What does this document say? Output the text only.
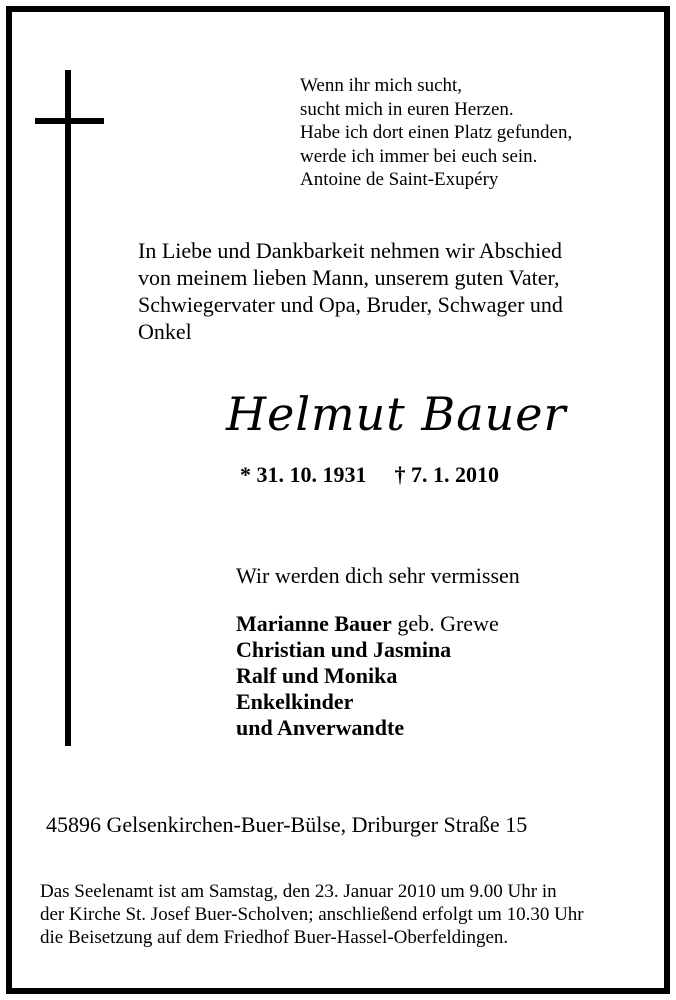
Wenn ihr mich sucht,
sucht mich in euren Herzen.
Habe ich dort einen Platz gefunden,
werde ich immer bei euch sein.
Antoine de Saint-Exupéry
In Liebe und Dankbarkeit nehmen wir Abschied
von meinem lieben Mann, unserem guten Vater,
Schwiegervater und Opa, Bruder, Schwager und
Onkel
Helmut Bauer
* 31. 10. 1931 † 7. 1. 2010
Wir werden dich sehr vermissen
Marianne Bauer geb. Grewe
Christian und Jasmina
Ralf und Monika
Enkelkinder
und Anverwandte
45896 Gelsenkirchen-Buer-Bülse, Driburger Straße 15
Das Seelenamt ist am Samstag, den 23. Januar 2010 um 9.00 Uhr in
der Kirche St. Josef Buer-Scholven; anschließend erfolgt um 10.30 Uhr
die Beisetzung auf dem Friedhof Buer-Hassel-Oberfeldingen.
